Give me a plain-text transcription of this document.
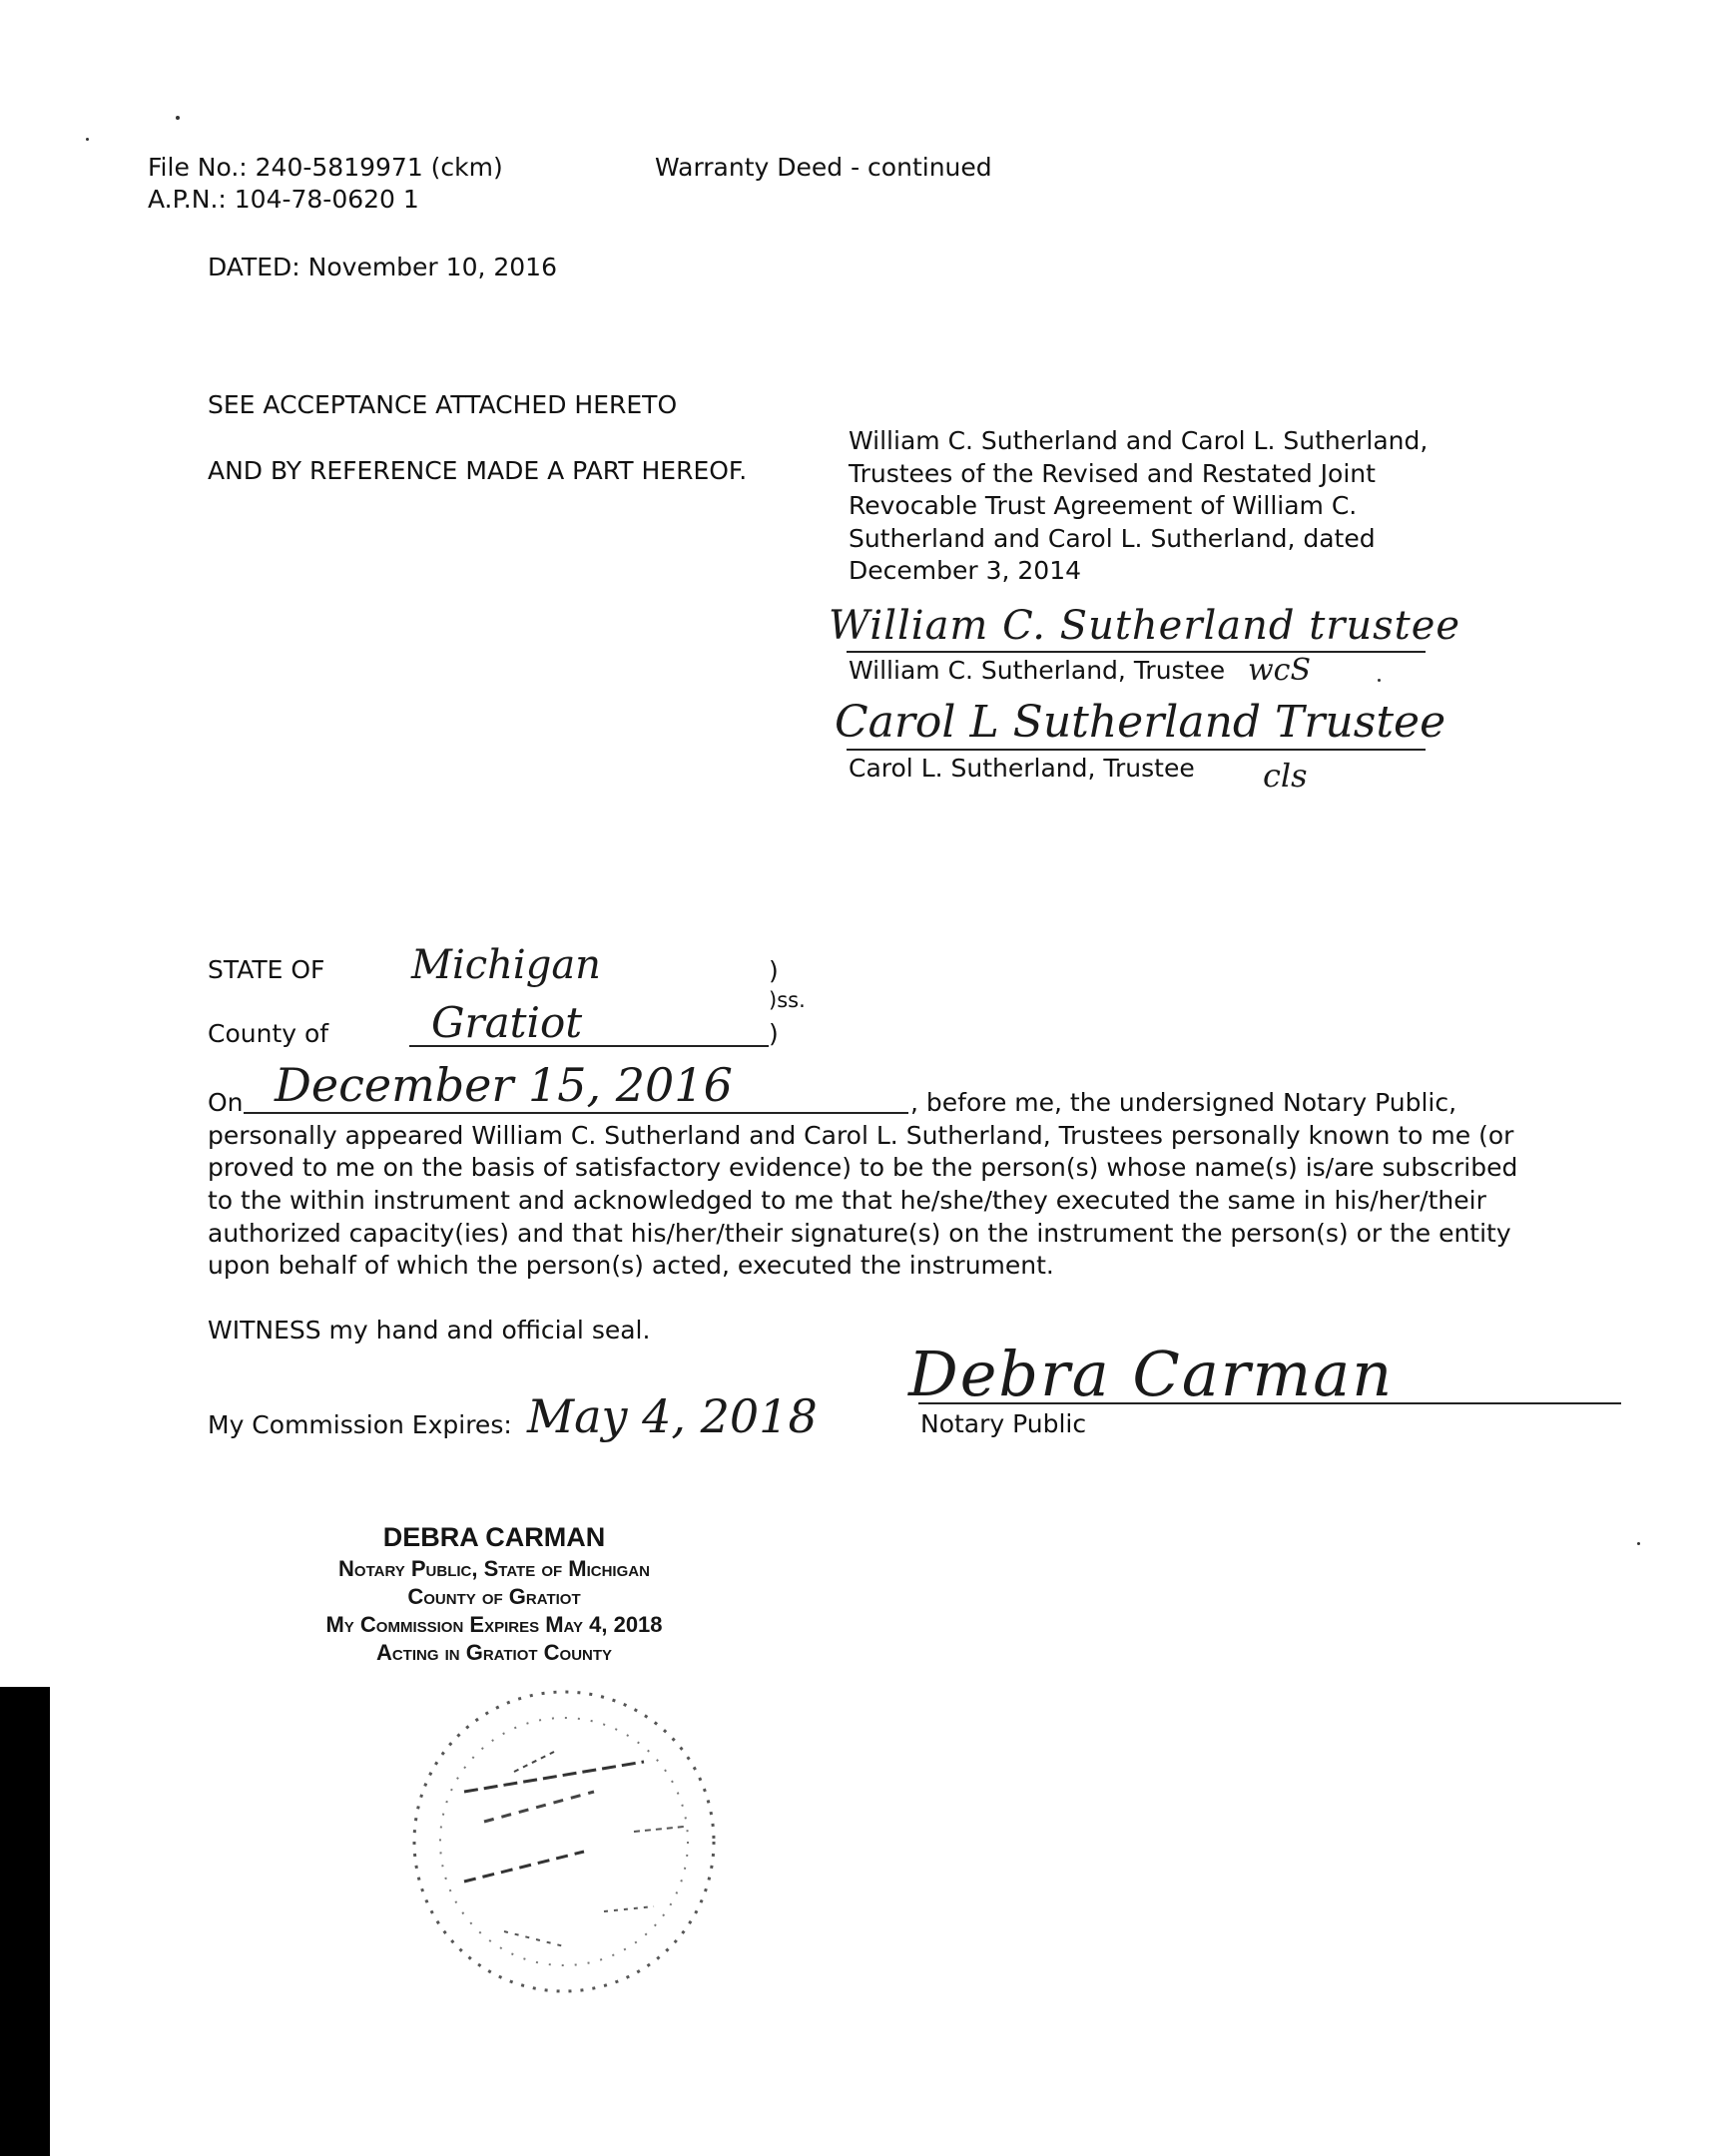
File No.: 240-5819971 (ckm)
A.P.N.: 104-78-0620 1
Warranty Deed - continued
DATED: November 10, 2016
SEE ACCEPTANCE ATTACHED HERETO
AND BY REFERENCE MADE A PART HEREOF.
William C. Sutherland and Carol L. Sutherland,
Trustees of the Revised and Restated Joint
Revocable Trust Agreement of William C.
Sutherland and Carol L. Sutherland, dated
December 3, 2014
William C. Sutherland trustee
William C. Sutherland, Trustee wcS
Carol L Sutherland Trustee
Carol L. Sutherland, Trustee cls
STATE OF Michigan	)
)ss.
County of Gratiot	)
On December 15, 2016	, before me, the undersigned Notary Public,
personally appeared William C. Sutherland and Carol L. Sutherland, Trustees personally known to me (or
proved to me on the basis of satisfactory evidence) to be the person(s) whose name(s) is/are subscribed
to the within instrument and acknowledged to me that he/she/they executed the same in his/her/their
authorized capacity(ies) and that his/her/their signature(s) on the instrument the person(s) or the entity
upon behalf of which the person(s) acted, executed the instrument.
WITNESS my hand and official seal.
My Commission Expires: May 4, 2018
Debra Carman
Notary Public
DEBRA CARMAN
Notary Public, State of Michigan
County of Gratiot
My Commission Expires May 4, 2018
Acting in Gratiot County
